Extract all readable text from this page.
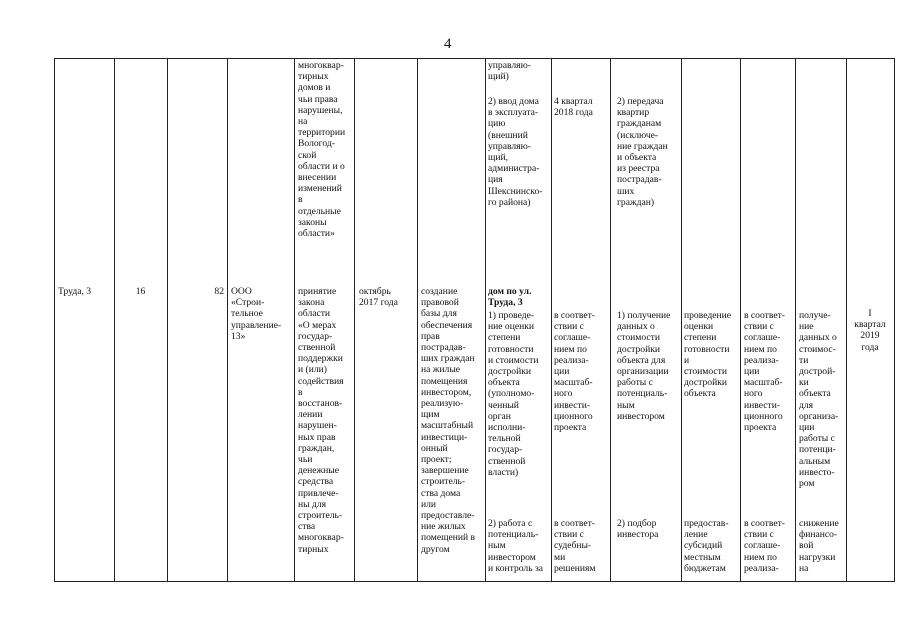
4
многоквар-
тирных
домов и
чьи права
нарушены,
на
территории
Вологод-
ской
области и о
внесении
изменений
в
отдельные
законы
области»
управляю-
щий)
2) ввод дома
в эксплуата-
цию
(внешний
управляю-
щий,
администра-
ция
Шекснинско-
го района)
4 квартал
2018 года
2) передача
квартир
гражданам
(исключе-
ние граждан
и объекта
из реестра
пострадав-
ших
граждан)
Труда, 3	16	82 ООО
«Строи-
тельное
управление-
13»
принятие
закона
области
«О мерах
государ-
ственной
поддержки
и (или)
содействия
в
восстанов-
лении
нарушен-
ных прав
граждан,
чьи
денежные
средства
привлече-
ны для
строитель-
ства
многоквар-
тирных
октябрь
2017 года
создание
правовой
базы для
обеспечения
прав
пострадав-
ших граждан
на жилые
помещения
инвестором,
реализую-
щим
масштабный
инвестици-
онный
проект;
завершение
строитель-
ства дома
или
предоставле-
ние жилых
помещений в
другом
дом по ул.
Труда, 3
1) проведе-
ние оценки
степени
готовности
и стоимости
достройки
объекта
(уполномо-
ченный
орган
исполни-
тельной
государ-
ственной
власти)
в соответ-
ствии с
соглаше-
нием по
реализа-
ции
масштаб-
ного
инвести-
ционного
проекта
1) получение
данных о
стоимости
достройки
объекта для
организации
работы с
потенциаль-
ным
инвестором
проведение
оценки
степени
готовности
и
стоимости
достройки
объекта
в соответ-
ствии с
соглаше-
нием по
реализа-
ции
масштаб-
ного
инвести-
ционного
проекта
получе-
ние
данных о
стоимос-
ти
дострой-
ки
объекта
для
организа-
ции
работы с
потенци-
альным
инвесто-
ром
I
квартал
2019
года
2) работа с
потенциаль-
ным
инвестором
и контроль за
в соответ-
ствии с
судебны-
ми
решениям
2) подбор
инвестора
предостав-
ление
субсидий
местным
бюджетам
в соответ-
ствии с
соглаше-
нием по
реализа-
снижение
финансо-
вой
нагрузки
на
